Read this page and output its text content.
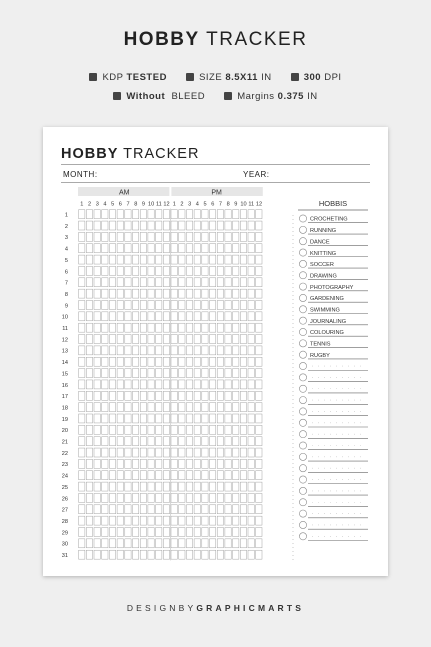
HOBBY TRACKER
KDP TESTED	SIZE 8.5X11 IN	300 DPI
Without BLEED	Margins 0.375 IN
HOBBY TRACKER
MONTH:	YEAR:
AM	PM
1 2 3 4 5 6 7 8 9 10 11 12 1 2 3 4 5 6 7 8 9 10 11 12
1
2
3
4
5
6
7
8
9
10
11
12
13
14
15
16
17
18
19
20
21
22
23
24
25
26
27
28
29
30
31
HOBBIS
CROCHETING
RUNNING
DANCE
KNITTING
SOCCER
DRAWING
PHOTOGRAPHY
GARDENING
SWIMMING
JOURNALING
COLOURING
TENNIS
RUGBY
DESIGNBYGRAPHICMARTS
